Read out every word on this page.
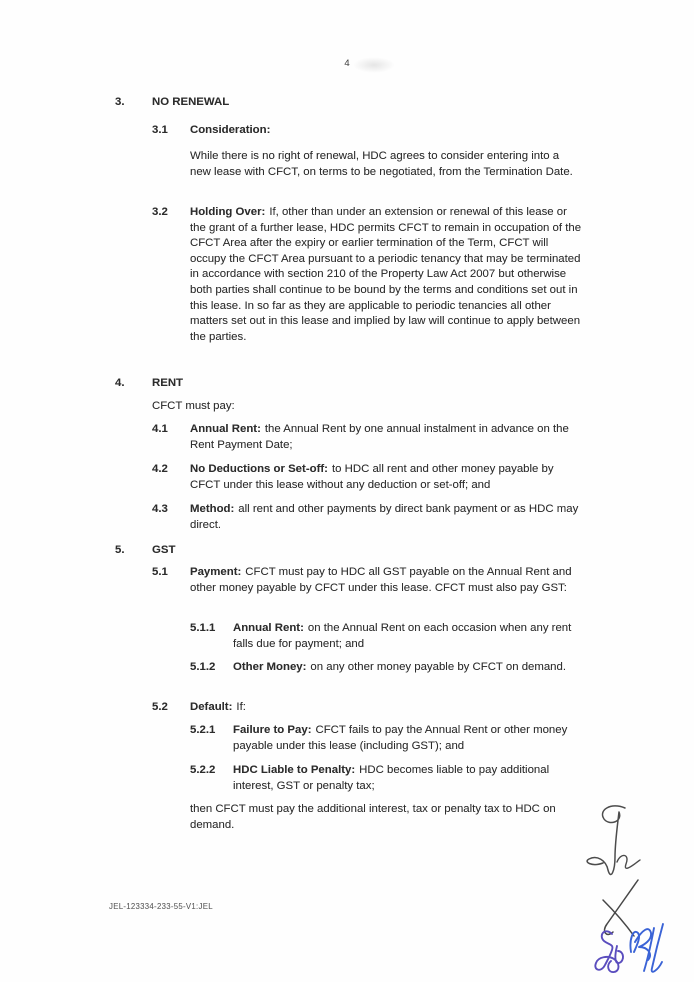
4
3.	NO RENEWAL
3.1	Consideration:

While there is no right of renewal, HDC agrees to consider entering into a new lease with CFCT, on terms to be negotiated, from the Termination Date.

3.2	Holding Over: If, other than under an extension or renewal of this lease or the grant of a further lease, HDC permits CFCT to remain in occupation of the CFCT Area after the expiry or earlier termination of the Term, CFCT will occupy the CFCT Area pursuant to a periodic tenancy that may be terminated in accordance with section 210 of the Property Law Act 2007 but otherwise both parties shall continue to be bound by the terms and conditions set out in this lease. In so far as they are applicable to periodic tenancies all other matters set out in this lease and implied by law will continue to apply between the parties.

4.	RENT

CFCT must pay:

4.1	Annual Rent: the Annual Rent by one annual instalment in advance on the Rent Payment Date;

4.2	No Deductions or Set-off: to HDC all rent and other money payable by CFCT under this lease without any deduction or set-off; and

4.3	Method: all rent and other payments by direct bank payment or as HDC may direct.

5.	GST
5.1	Payment: CFCT must pay to HDC all GST payable on the Annual Rent and other money payable by CFCT under this lease. CFCT must also pay GST:

5.1.1	Annual Rent: on the Annual Rent on each occasion when any rent falls due for payment; and

5.1.2	Other Money: on any other money payable by CFCT on demand.

5.2	Default: If:

5.2.1	Failure to Pay: CFCT fails to pay the Annual Rent or other money payable under this lease (including GST); and

5.2.2	HDC Liable to Penalty: HDC becomes liable to pay additional interest, GST or penalty tax;

then CFCT must pay the additional interest, tax or penalty tax to HDC on demand.

JEL-123334-233-55-V1:JEL
